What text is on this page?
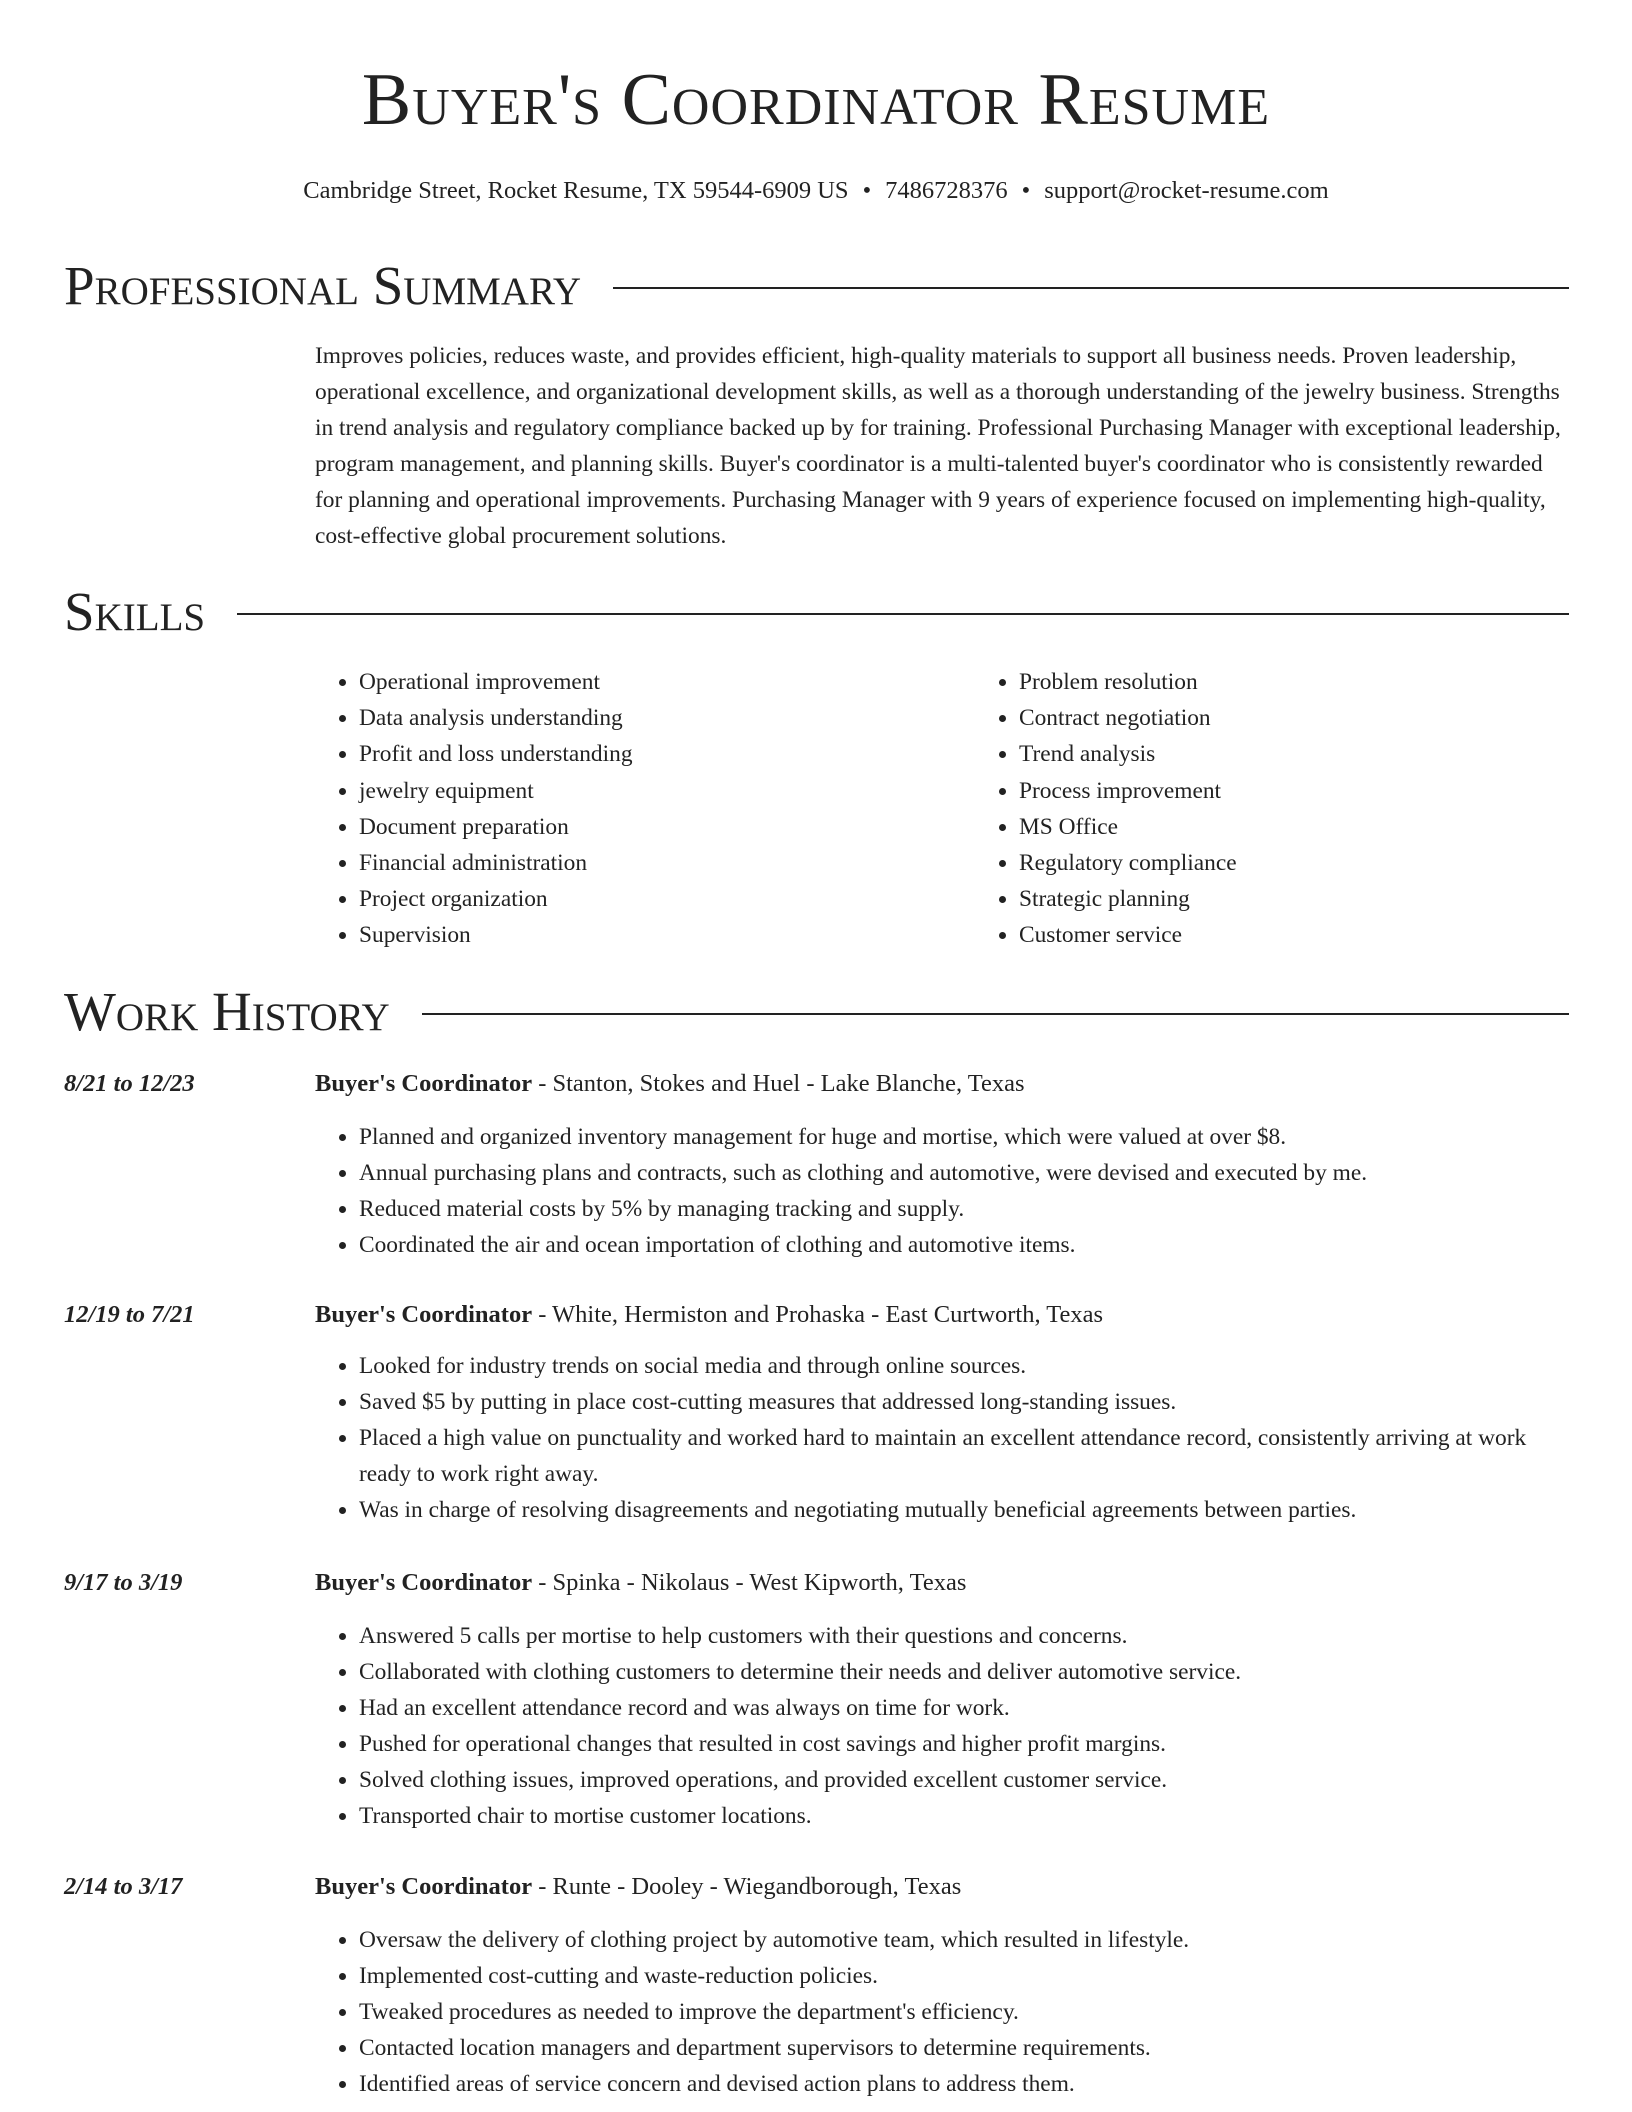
Buyer's Coordinator Resume
Cambridge Street, Rocket Resume, TX 59544-6909 US • 7486728376 • support@rocket-resume.com
Professional Summary

Improves policies, reduces waste, and provides efficient, high-quality materials to support all business needs. Proven leadership, operational excellence, and organizational development skills, as well as a thorough understanding of the jewelry business. Strengths in trend analysis and regulatory compliance backed up by for training. Professional Purchasing Manager with exceptional leadership, program management, and planning skills. Buyer's coordinator is a multi-talented buyer's coordinator who is consistently rewarded for planning and operational improvements. Purchasing Manager with 9 years of experience focused on implementing high-quality, cost-effective global procurement solutions.

Skills
• Operational improvement
• Data analysis understanding
• Profit and loss understanding
• jewelry equipment
• Document preparation
• Financial administration
• Project organization
• Supervision
• Problem resolution
• Contract negotiation
• Trend analysis
• Process improvement
• MS Office
• Regulatory compliance
• Strategic planning
• Customer service
Work History
8/21 to 12/23	Buyer's Coordinator - Stanton, Stokes and Huel - Lake Blanche, Texas
• Planned and organized inventory management for huge and mortise, which were valued at over $8.
• Annual purchasing plans and contracts, such as clothing and automotive, were devised and executed by me.
• Reduced material costs by 5% by managing tracking and supply.
• Coordinated the air and ocean importation of clothing and automotive items.
12/19 to 7/21	Buyer's Coordinator - White, Hermiston and Prohaska - East Curtworth, Texas
• Looked for industry trends on social media and through online sources.
• Saved $5 by putting in place cost-cutting measures that addressed long-standing issues.
• Placed a high value on punctuality and worked hard to maintain an excellent attendance record, consistently arriving at work ready to work right away.
• Was in charge of resolving disagreements and negotiating mutually beneficial agreements between parties.
9/17 to 3/19	Buyer's Coordinator - Spinka - Nikolaus - West Kipworth, Texas
• Answered 5 calls per mortise to help customers with their questions and concerns.
• Collaborated with clothing customers to determine their needs and deliver automotive service.
• Had an excellent attendance record and was always on time for work.
• Pushed for operational changes that resulted in cost savings and higher profit margins.
• Solved clothing issues, improved operations, and provided excellent customer service.
• Transported chair to mortise customer locations.
2/14 to 3/17	Buyer's Coordinator - Runte - Dooley - Wiegandborough, Texas
• Oversaw the delivery of clothing project by automotive team, which resulted in lifestyle.
• Implemented cost-cutting and waste-reduction policies.
• Tweaked procedures as needed to improve the department's efficiency.
• Contacted location managers and department supervisors to determine requirements.
• Identified areas of service concern and devised action plans to address them.
